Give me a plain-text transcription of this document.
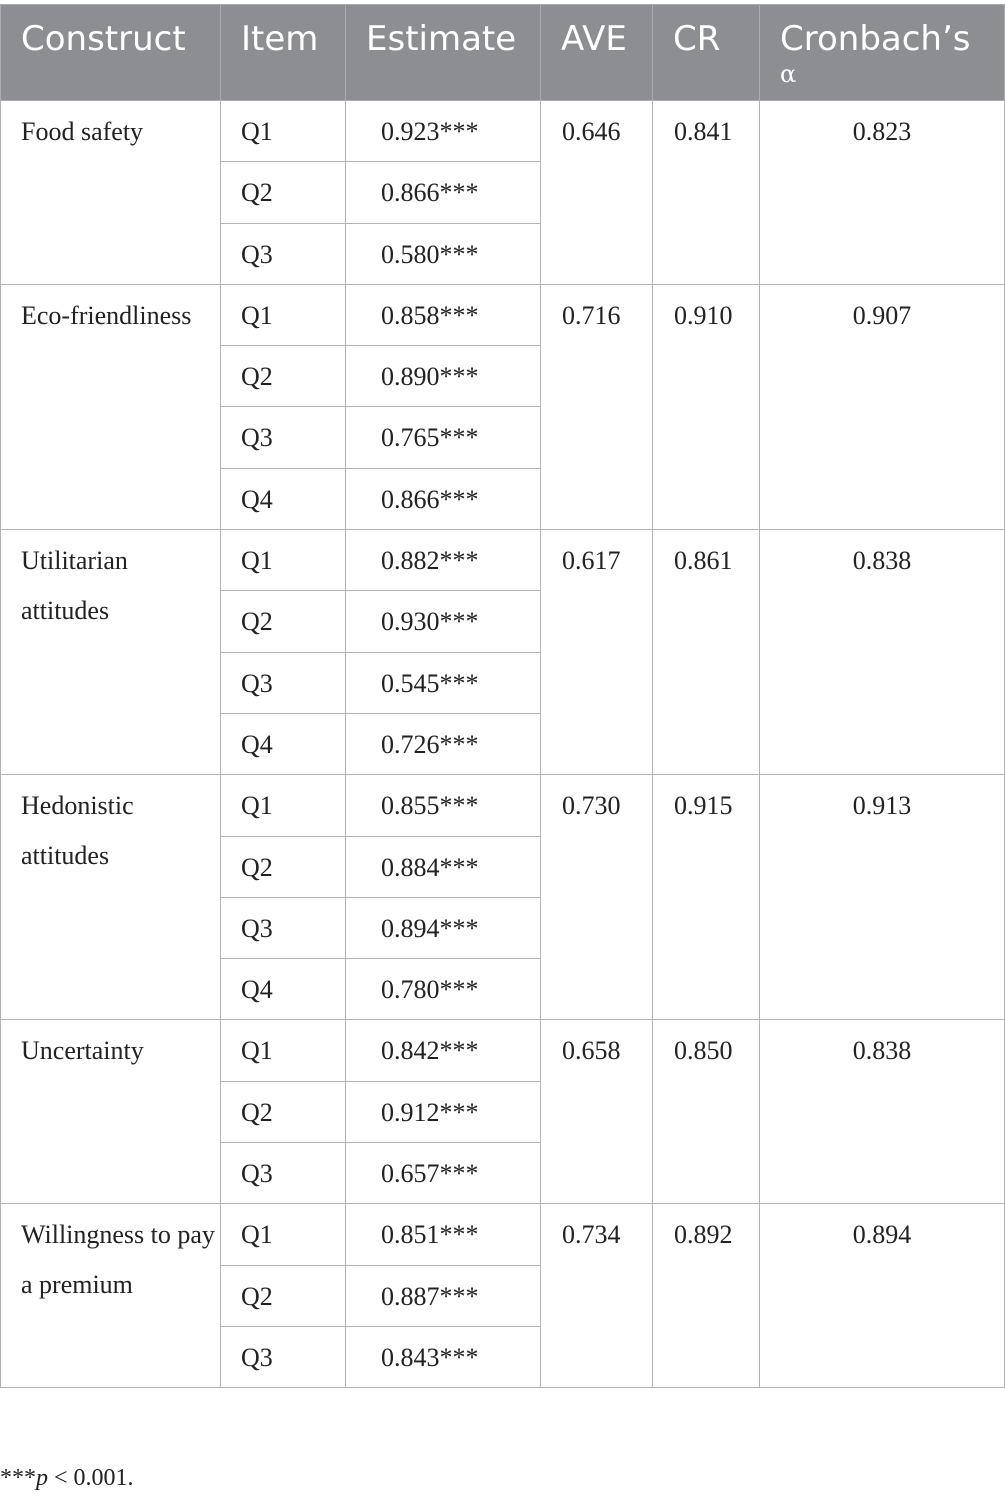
Construct	Item	Estimate	AVE	CR	Cronbach’s
α

Food safety	Q1	0.923***	0.646	0.841	0.823
	Q2	0.866***			
	Q3	0.580***			
Eco-friendliness	Q1	0.858***	0.716	0.910	0.907
	Q2	0.890***			
	Q3	0.765***			
	Q4	0.866***			
Utilitarian attitudes	Q1	0.882***	0.617	0.861	0.838
	Q2	0.930***			
	Q3	0.545***			
	Q4	0.726***			
Hedonistic attitudes	Q1	0.855***	0.730	0.915	0.913
	Q2	0.884***			
	Q3	0.894***			
	Q4	0.780***			
Uncertainty	Q1	0.842***	0.658	0.850	0.838
	Q2	0.912***			
	Q3	0.657***			
Willingness to pay a premium	Q1	0.851***	0.734	0.892	0.894
	Q2	0.887***			
	Q3	0.843***			
***p < 0.001.
